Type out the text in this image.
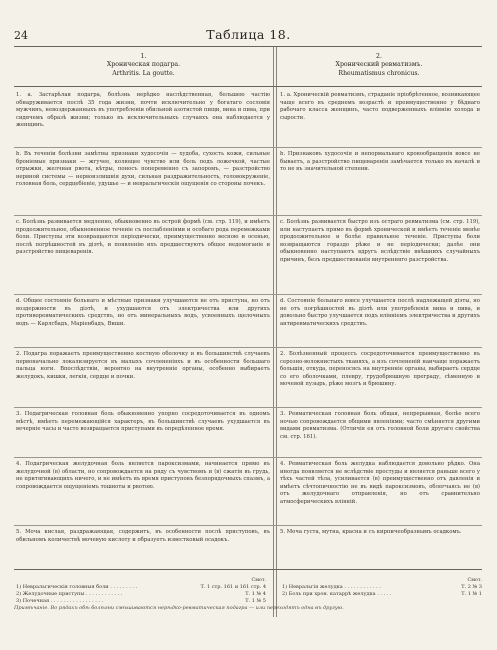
24	Таблица 18.
1.
Хроническая подагра.
Arthritis. La goutte.
2.
Хронический ревматизмъ.
Rheumatismus chronicus.
1. а. Застарѣлая подагра, болѣзнь нерѣдко наслѣдственная, большею частію обнаруживается послѣ 35 года жизни, почти исключительно у богатаго сословія мужчинъ, невоздержанныхъ въ употребленіи обильной азотистой пищи, вина и пива, при сидячемъ образѣ жизни; только въ исключительныхъ случаяхъ она наблюдается у женщинъ.
1. а. Хроническій ревматизмъ, страданіе пріобрѣтенное, возникающее чаще всего въ среднемъ возрастѣ и преимущественно у бѣднаго рабочаго класса женщинъ, часто подверженныхъ вліянію холода и сырости.
b. Въ теченіи болѣзни замѣтны признаки худосочія — худоба, сухость кожи, сильные броніемые признаки — жгучее, колющее чувство или боль подъ ложечкой, частые отрыжки, желчная рвота, кѣтры, поносъ попеременно съ запоромъ, — разстройство нервной системы — нервоизлишнія духи, сильная раздражительность, головокруженіе, головная боль, сердцебіеніе, удушье — и невральгическія ощущенія со стороны почекъ.
b. Признаковъ худосочія и непормальнаго кровообращенія вовсе не бываетъ, а разстройство пищеваренія замѣчается только въ началѣ и то не въ значительной степени.
c. Болѣзнь развивается медленно, обыкновенно въ острой формѣ (см. стр. 119), и имѣетъ продолжительное, обыкновенное теченіе съ послабленіями и особаго рода перемежками боли. Приступы эти возвращаются періодически, преимущественно весною и осенью, послѣ погрѣшностей въ діэтѣ, и появленію ихъ предшествуютъ общее недомоганіе и разстройство пищеваренія.
c. Болѣзнь развивается быстро изъ остраго ревматизма (см. стр. 119), или наступаетъ прямо въ формѣ хронической и имѣетъ теченіе менѣе продолжительное и болѣе правильное теченіе. Приступы боли возвращаются гораздо рѣже и не періодически; далѣе они обыкновенно наступаютъ вдругъ вслѣдствіе внѣшнихъ случайныхъ причинъ, безъ предшествованія внутренняго разстройства.
d. Общее состояніе больнаго и мѣстные признаки улучшаются не отъ пристуна, но отъ воздержности въ діэтѣ, и ухудшаются отъ электричества или другихъ противоревматическихъ средствъ, но отъ минеральныхъ водъ, усвоенныхъ щелочныхъ водъ — Карлсбадъ, Маріенбадъ, Виши.
d. Состояніе больнаго вовсе улучшается послѣ надлежащей діэты, но не отъ погрѣшностей въ діэтѣ или употребленія вина и пива, и довольно быстро улучшается подъ вліяніемъ электричества и другихъ антиревматическихъ средствъ.
2. Подагра поражаетъ преимущественно костную оболочку и въ большинствѣ случаевъ первоначально локализируется въ малыхъ сочлененіяхъ и въ особенности большаго пальца ноги. Впослѣдствіи, вероятно на внутренніе органы, особенно выбираетъ желудокъ, кишки, легкія, сердце и почки.
2. Болѣзненный процессъ сосредоточивается преимущественно въ серозно-волокнистыхъ тканяхъ, а изъ сочлененій наичаще поражаетъ большія, откуда, переносясь на внутренніе органы, выбираетъ сердце со его оболочками, плевру, грудобрюшную преграду, сѣменную и мочевой пузырь, рѣже мозгъ и брюшину.
3. Подагрическая головная боль обыкновенно упорно сосредоточивается въ одномъ мѣстѣ, имѣетъ перемежающійся характеръ, въ большинствѣ случаевъ ухудшается въ вечерніе часы и часто возвращается приступами въ опредѣленное время.
3. Ревматическая головная боль общая, непрерывная, болѣе всего ночью сопровождается общими явленіями; часто смѣняется другими видами ревматизма. (Отличія ея отъ головной боли другаго свойства см. стр. 161).
4. Подагрическая желудочная боль является пароксизмами, начинается прямо въ желудочной (в) области, но сопровождается на ряду съ чувствомъ и (в) сжатія въ грудь, не притягивающихъ ничего, и не имѣетъ въ время приступовъ безпорядочныхъ спазмъ, а сопровождается ощущеніемъ тошноты и рвотою.
4. Ревматическая боль желудка наблюдается довольно рѣдко. Она иногда появляется не вслѣдствіе простуды и является раньше всего у тѣхъ частей тѣла, усиливается (в) преимущественно отъ давленія и имѣетъ сѣчтопичностію не въ видѣ пароксизмовъ, облегчаясь не (в) отъ желудочнаго отправленія, но отъ сравнительно атмосферическихъ вліяній.
5. Моча кислая, раздражающая, содержитъ, въ особенности послѣ приступовъ, въ обильномъ количествѣ мочевую кислоту и образуетъ известковый осадокъ.
5. Моча густа, мутна, красна и съ кирпичеобразнымъ осадкомъ.
Смот.
1) Невральгическія головныя боли . . . . . . . . .	Т. 1 стр. 161 и 161 стр. 4
2) Желудочные приступы . . . . . . . . . . . .	Т. 1 № 4
3) Почечная . . . . . . . . . . . . . . . . .	Т. 1 № 5
Смот.
1) Невральгія желудка . . . . . . . . . . . .	Т. 2 № 3
2) Боль при хрон. катаррѣ желудка . . . . .	Т. 1 № 1
Примѣчаніе. Во рядахъ обѣ болѣзни смѣшиваются нерѣдко-ревматическая подагра — или переходятъ одна въ другую.
